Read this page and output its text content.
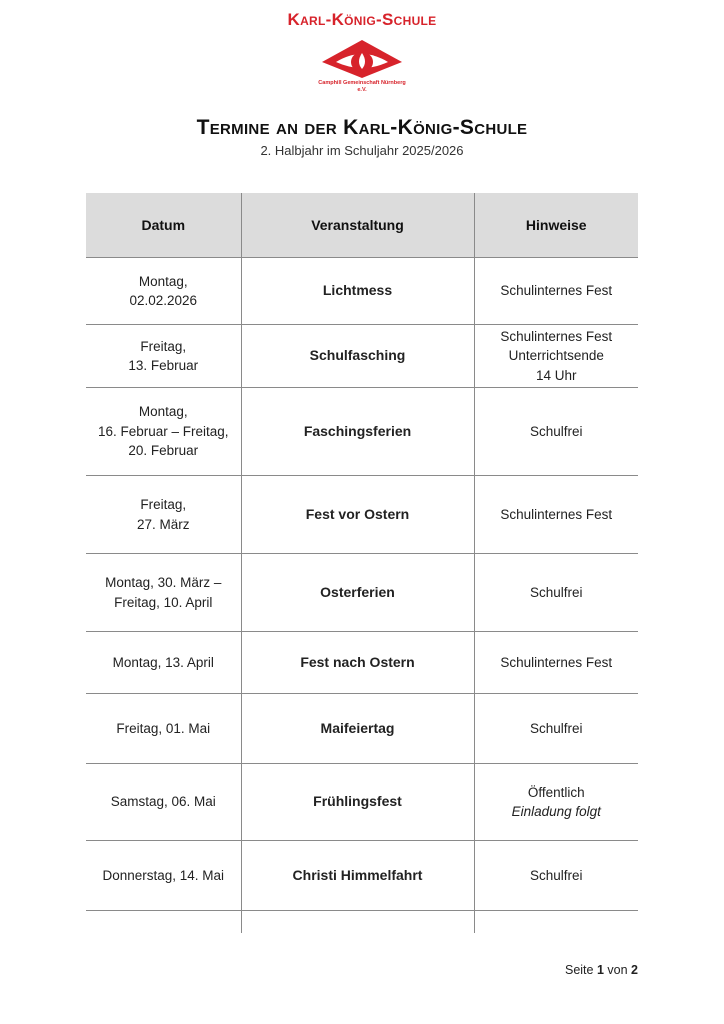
Karl-König-Schule
Camphill Gemeinschaft Nürnberg e.V.
Termine an der Karl-König-Schule
2. Halbjahr im Schuljahr 2025/2026
Datum	Veranstaltung	Hinweise

Montag,
02.02.2026	Lichtmess	Schulinternes Fest

Freitag,
13. Februar	Schulfasching	Schulinternes Fest
Unterrichtsende
14 Uhr

Montag,
16. Februar – Freitag,
20. Februar	Faschingsferien	Schulfrei

Freitag,
27. März	Fest vor Ostern	Schulinternes Fest

Montag, 30. März –
Freitag, 10. April	Osterferien	Schulfrei

Montag, 13. April	Fest nach Ostern	Schulinternes Fest

Freitag, 01. Mai	Maifeiertag	Schulfrei

Samstag, 06. Mai	Frühlingsfest	Öffentlich
Einladung folgt

Donnerstag, 14. Mai	Christi Himmelfahrt	Schulfrei

Seite 1 von 2
